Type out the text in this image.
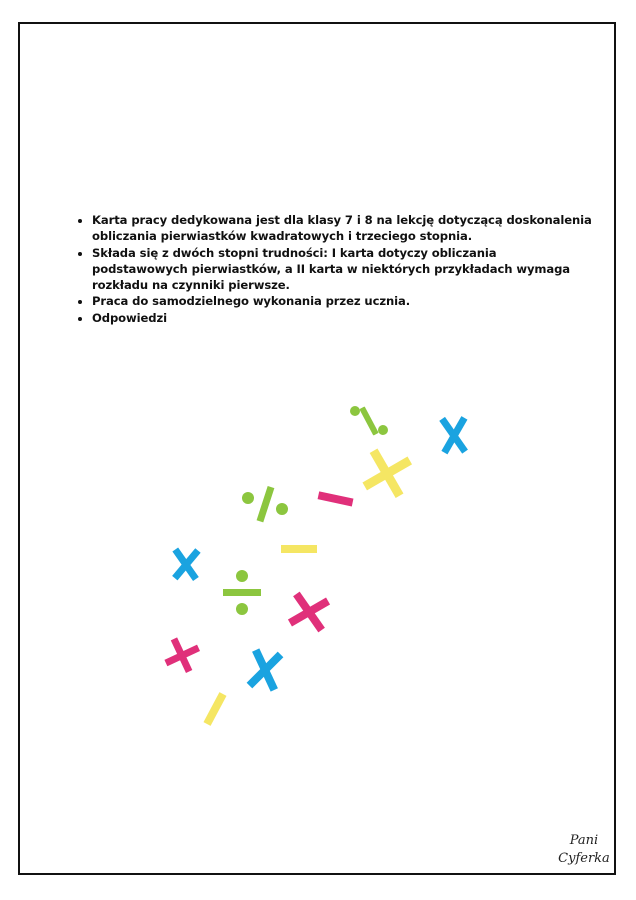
• Karta pracy dedykowana jest dla klasy 7 i 8 na lekcję dotyczącą doskonalenia obliczania pierwiastków kwadratowych i trzeciego stopnia.
• Składa się z dwóch stopni trudności: I karta dotyczy obliczania podstawowych pierwiastków, a II karta w niektórych przykładach wymaga rozkładu na czynniki pierwsze.
• Praca do samodzielnego wykonania przez ucznia.
• Odpowiedzi
Pani
Cyferka
